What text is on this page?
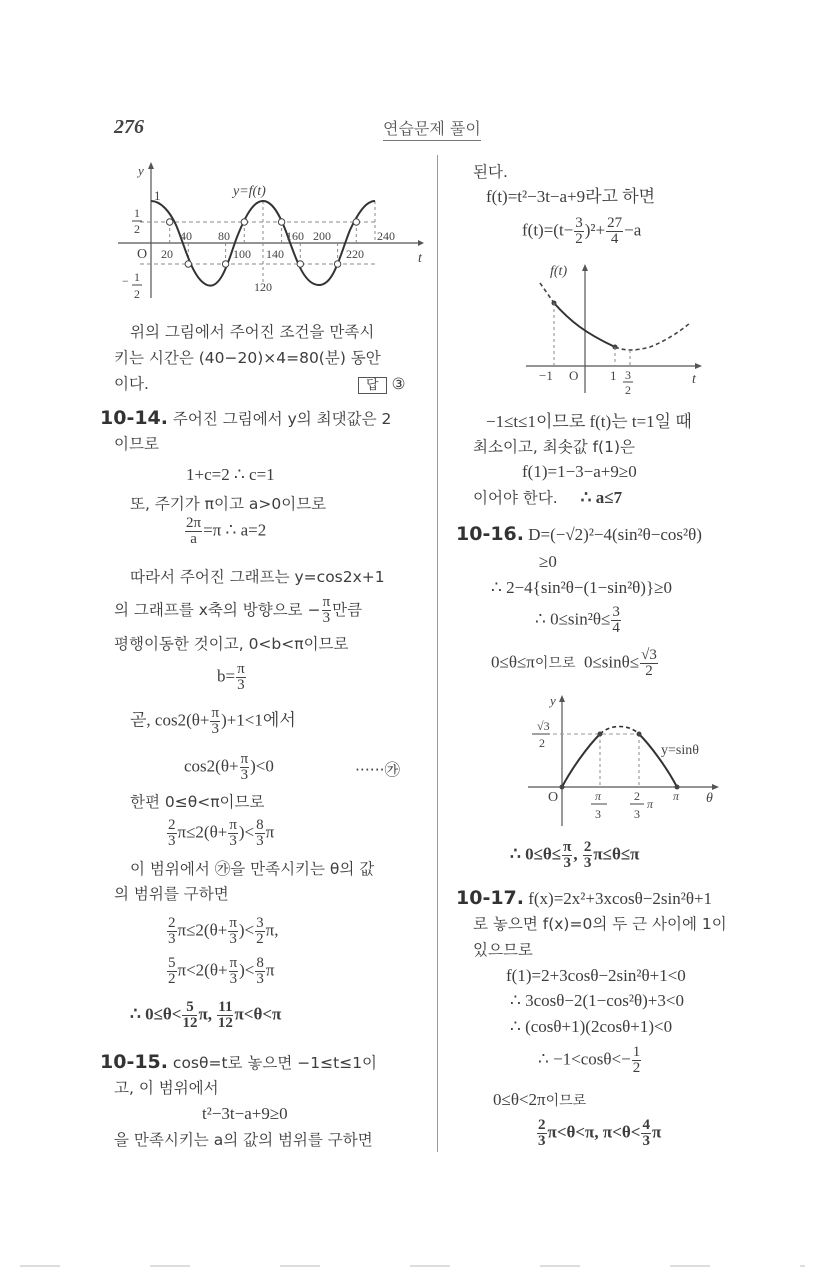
276	연습문제 풀이
y
t
y=f(t)
1
1
2
O
− 1
2
40 80	160 200	240
20	100 140	220
120
위의 그림에서 주어진 조건을 만족시
키는 시간은 (40−20)×4=80(분) 동안
이다.	답 ③
10-14. 주어진 그림에서 y의 최댓값은 2
이므로
1+c=2 ∴ c=1
또, 주기가 π이고 a>0이므로
$\frac{2\pi}{a} =\pi$ ∴ a=2
따라서 주어진 그래프는 y=cos2x+1
의 그래프를 x축의 방향으로 − $\frac{\pi}{3}$ 만큼
평행이동한 것이고, 0<b<π이므로
$b= \frac{\pi}{3}$
곧, $\cos 2(\theta+ \frac{\pi}{3} )+1<1$에서
$\cos 2(\theta+ \frac{\pi}{3} )<0$	······㉮
한편 0≤θ<π이므로
$\frac{2}{3} \pi\le 2(\theta+ \frac{\pi}{3}$ )< $\frac{8}{3}$ π
이 범위에서 ㉮을 만족시키는 θ의 값
의 범위를 구하면
$\frac{2}{3} \pi\le 2(\theta+ \frac{\pi}{3}$ )< $\frac{3}{2} \pi$,
$\frac{5}{2} \pi<2(\theta+ \frac{\pi}{3}$ )< $\frac{8}{3}$ π
∴ $0\le\theta< \frac{5}{12} \pi$, $\frac{11}{12} \pi<\theta<\pi$
10-15. cosθ=t로 놓으면 −1≤t≤1이
고, 이 범위에서
t²−3t−a+9≥0
을 만족시키는 a의 값의 범위를 구하면
된다.
f(t)=t²−3t−a+9라고 하면
$f(t)=(t- \frac{3}{2} )^2+ \frac{27}{4} -a$
f(t)
t
−1 O 1 3
2
−1≤t≤1이므로 f(t)는 t=1일 때
최소이고, 최솟값 f(1)은
f(1)=1−3−a+9≥0
이어야 한다. ∴ a≤7
10-16. D=(−√2)²−4(sin²θ−cos²θ)
≥0
∴ 2−4{sin²θ−(1−sin²θ)}≥0
∴ $0\le\sin^2\theta\le \frac{3}{4}$
0≤θ≤π이므로  $0\le\sin\theta\le \frac{√3}{2}$
y
√3
2	y=sinθ
O	π
3
2
3
π
π θ
∴ $0\le\theta\le \frac{\pi}{3}$ , $\frac{2}{3} \pi\le\theta\le\pi$
10-17. f(x)=2x²+3xcosθ−2sin²θ+1
로 놓으면 f(x)=0의 두 근 사이에 1이
있으므로
f(1)=2+3cosθ−2sin²θ+1<0
∴ 3cosθ−2(1−cos²θ)+3<0
∴ (cosθ+1)(2cosθ+1)<0
∴ $-1<\cos\theta<- \frac{1}{2}$
0≤θ<2π이므로
$\frac{2}{3} \pi<\theta<\pi$, $\pi<\theta< \frac{4}{3}$ π
